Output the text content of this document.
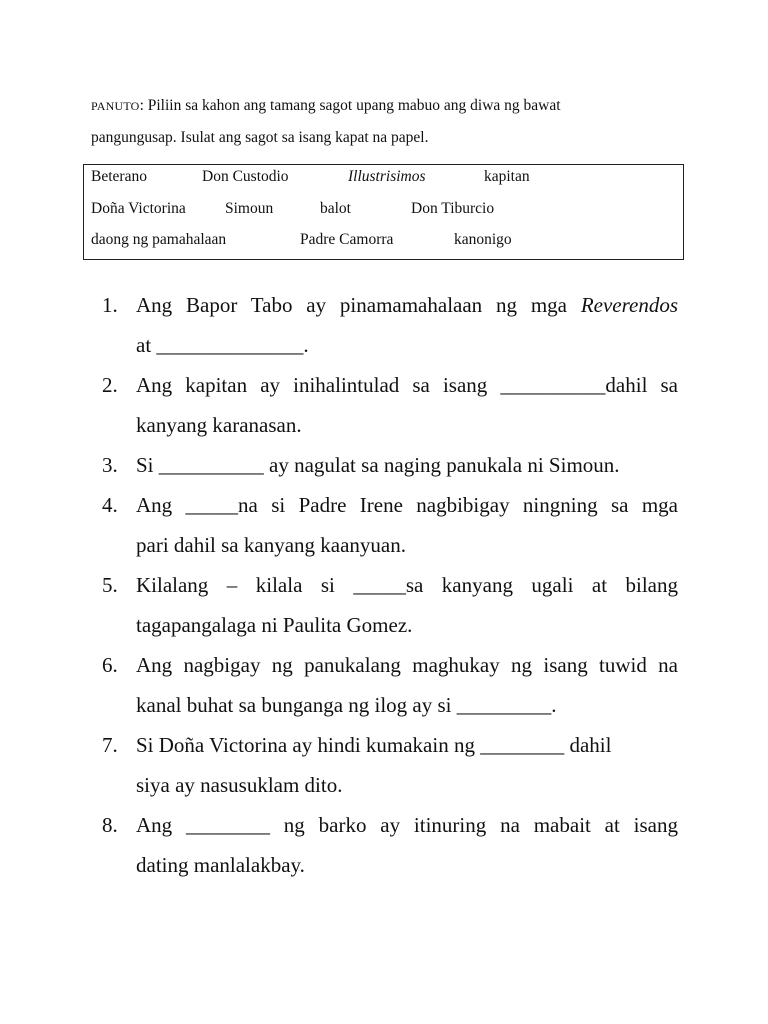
PANUTO: Piliin sa kahon ang tamang sagot upang mabuo ang diwa ng bawat
pangungusap. Isulat ang sagot sa isang kapat na papel.
Beterano	Don Custodio	Illustrisimos	kapitan
Doña Victorina	Simoun	balot	Don Tiburcio
daong ng pamahalaan	Padre Camorra	kanonigo
1. Ang Bapor Tabo ay pinamamahalaan ng mga Reverendos
at ______________.
2. Ang kapitan ay inihalintulad sa isang __________dahil sa
kanyang karanasan.
3. Si __________ ay nagulat sa naging panukala ni Simoun.
4. Ang _____na si Padre Irene nagbibigay ningning sa mga
pari dahil sa kanyang kaanyuan.
5. Kilalang – kilala si _____sa kanyang ugali at bilang
tagapangalaga ni Paulita Gomez.
6. Ang nagbigay ng panukalang maghukay ng isang tuwid na
kanal buhat sa bunganga ng ilog ay si _________.
7. Si Doña Victorina ay hindi kumakain ng ________ dahil
siya ay nasusuklam dito.
8. Ang ________ ng barko ay itinuring na mabait at isang
dating manlalakbay.
